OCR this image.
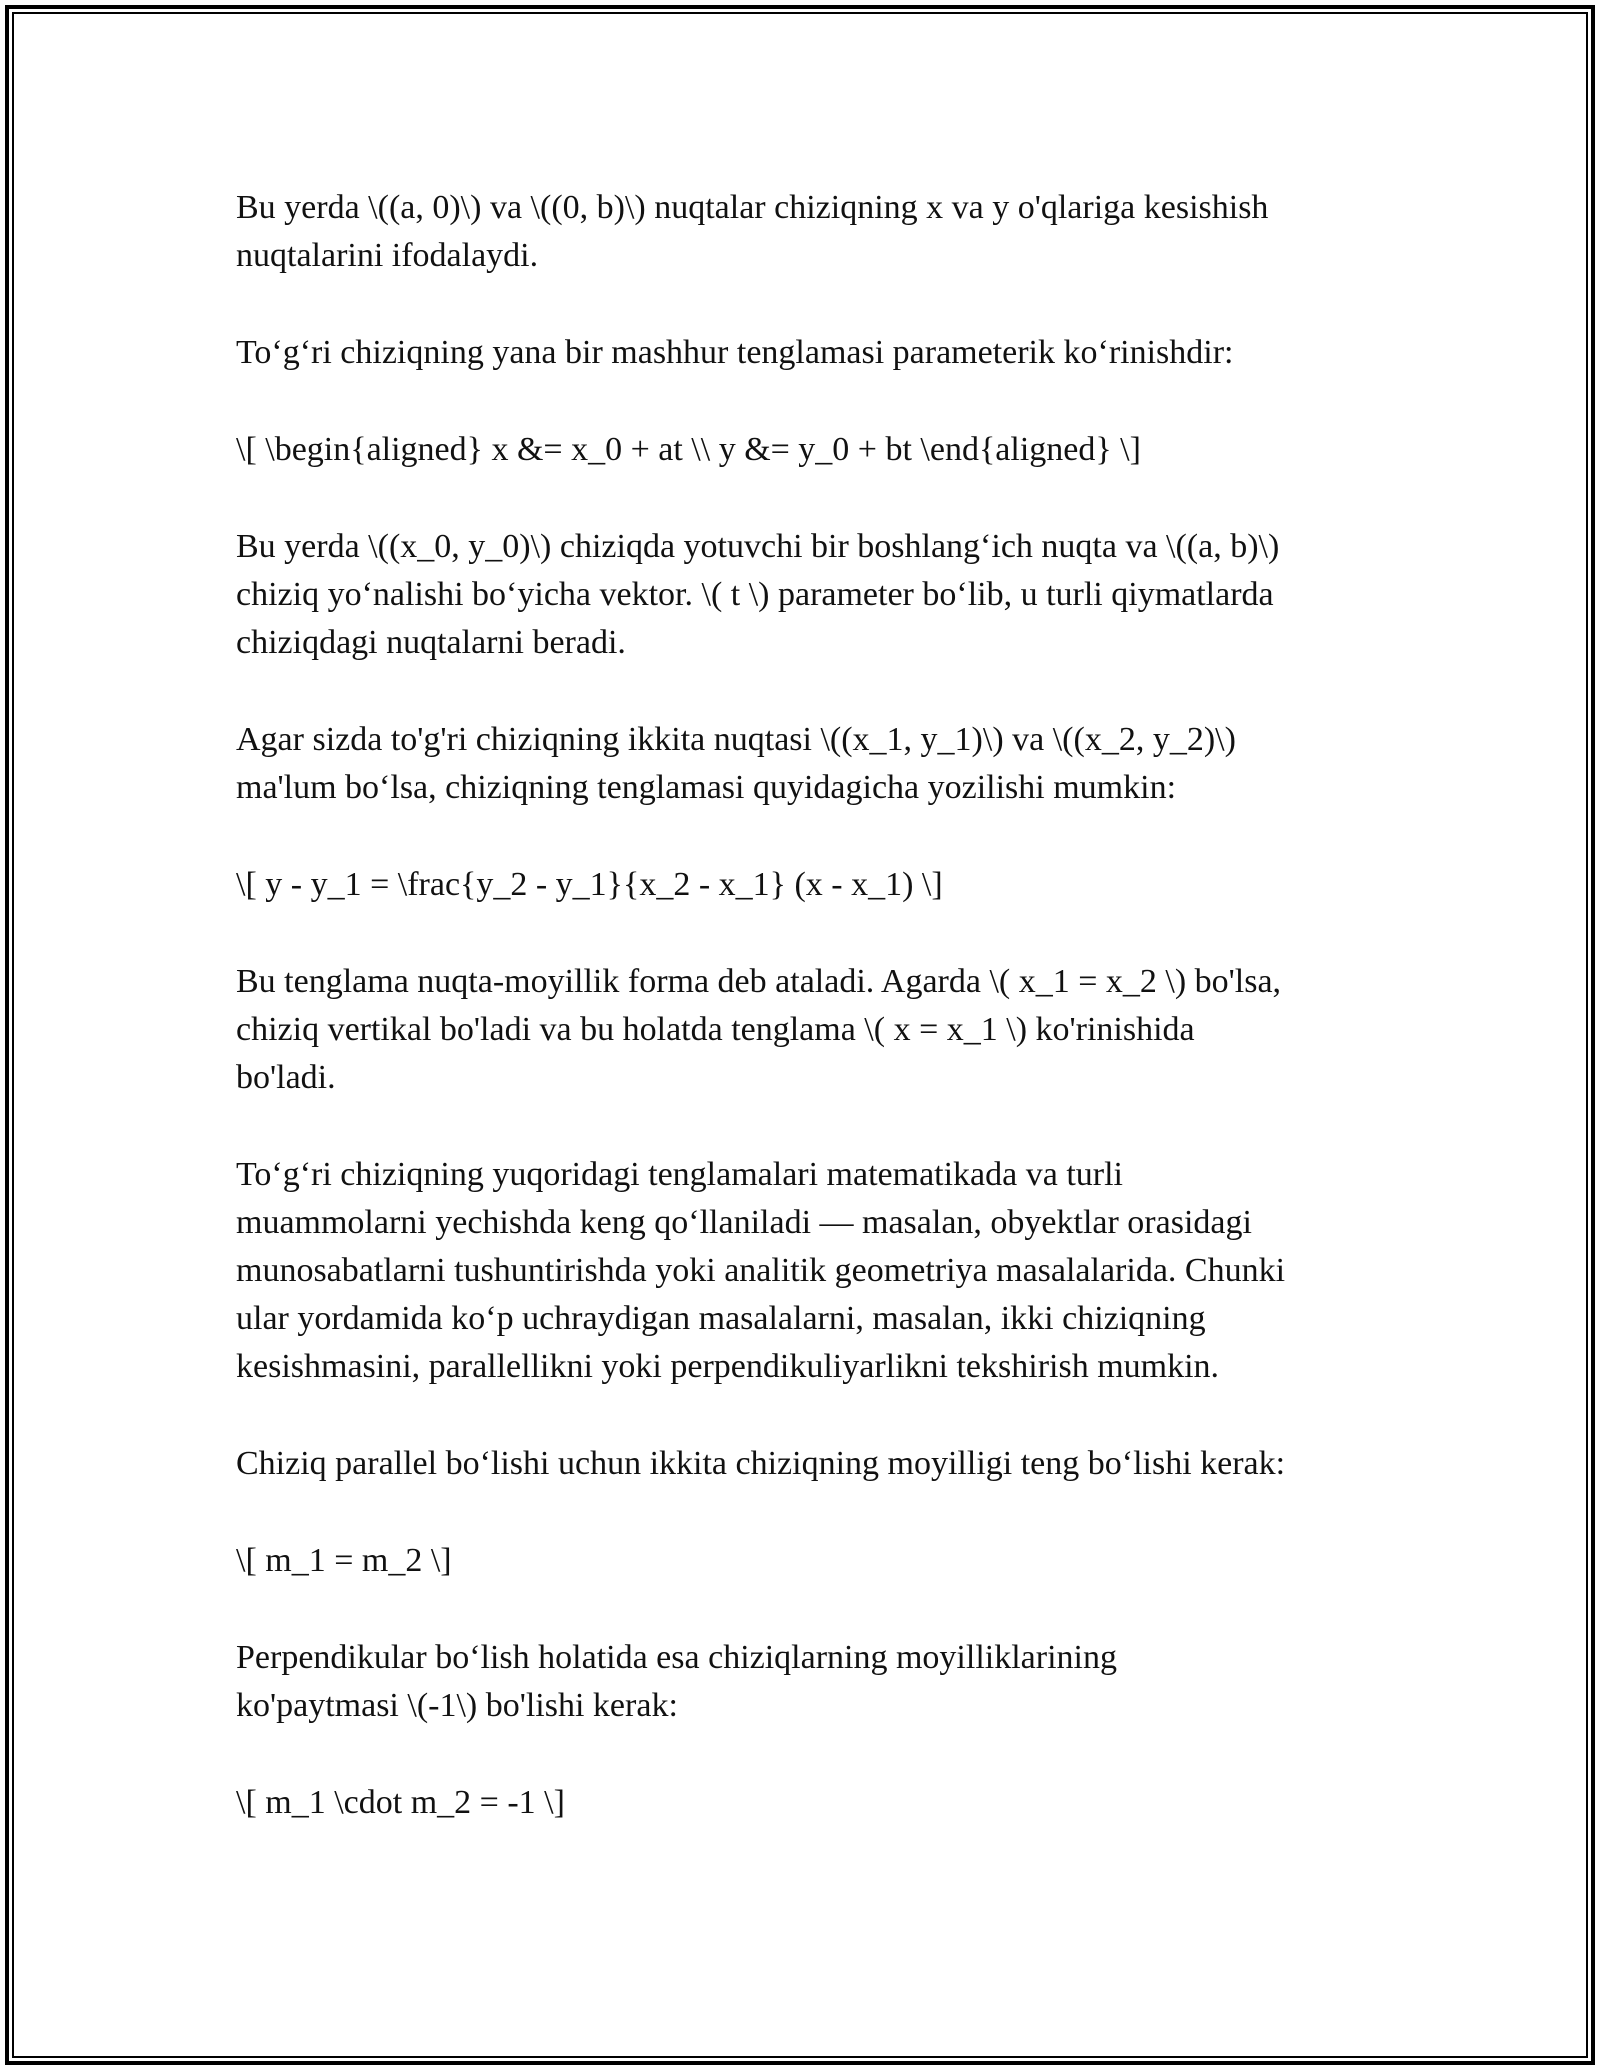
Bu yerda \((a, 0)\) va \((0, b)\) nuqtalar chiziqning x va y o'qlariga kesishish
nuqtalarini ifodalaydi.

To‘g‘ri chiziqning yana bir mashhur tenglamasi parameterik ko‘rinishdir:

\[ \begin{aligned} x &= x_0 + at \\ y &= y_0 + bt \end{aligned} \]

Bu yerda \((x_0, y_0)\) chiziqda yotuvchi bir boshlang‘ich nuqta va \((a, b)\)
chiziq yo‘nalishi bo‘yicha vektor. \( t \) parameter bo‘lib, u turli qiymatlarda
chiziqdagi nuqtalarni beradi.

Agar sizda to'g'ri chiziqning ikkita nuqtasi \((x_1, y_1)\) va \((x_2, y_2)\)
ma'lum bo‘lsa, chiziqning tenglamasi quyidagicha yozilishi mumkin:

\[ y - y_1 = \frac{y_2 - y_1}{x_2 - x_1} (x - x_1) \]

Bu tenglama nuqta-moyillik forma deb ataladi. Agarda \( x_1 = x_2 \) bo'lsa,
chiziq vertikal bo'ladi va bu holatda tenglama \( x = x_1 \) ko'rinishida
bo'ladi.

To‘g‘ri chiziqning yuqoridagi tenglamalari matematikada va turli
muammolarni yechishda keng qo‘llaniladi — masalan, obyektlar orasidagi
munosabatlarni tushuntirishda yoki analitik geometriya masalalarida. Chunki
ular yordamida ko‘p uchraydigan masalalarni, masalan, ikki chiziqning
kesishmasini, parallellikni yoki perpendikuliyarlikni tekshirish mumkin.

Chiziq parallel bo‘lishi uchun ikkita chiziqning moyilligi teng bo‘lishi kerak:

\[ m_1 = m_2 \]

Perpendikular bo‘lish holatida esa chiziqlarning moyilliklarining
ko'paytmasi \(-1\) bo'lishi kerak:

\[ m_1 \cdot m_2 = -1 \]
